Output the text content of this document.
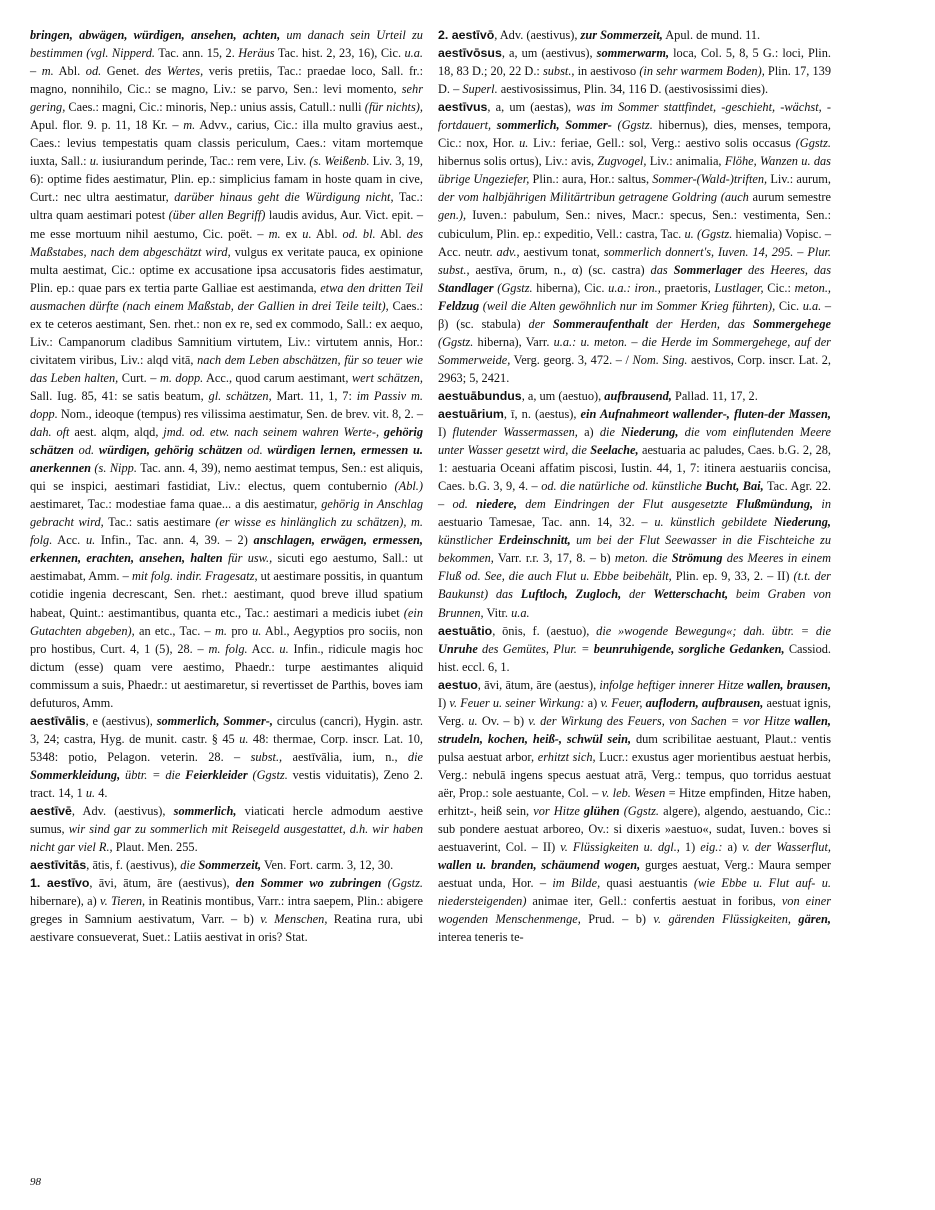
bringen, abwägen, würdigen, ansehen, achten, um danach sein Urteil zu bestimmen (vgl. Nipperd. Tac. ann. 15, 2. Heräus Tac. hist. 2, 23, 16), Cic. u.a. – m. Abl. od. Genet. des Wertes, veris pretiis, Tac.: praedae loco, Sall. fr.: magno, nonnihilo, Cic.: se magno, Liv.: se parvo, Sen.: levi momento, sehr gering, Caes.: magni, Cic.: minoris, Nep.: unius assis, Catull.: nulli (für nichts), Apul. flor. 9. p. 11, 18 Kr. – m. Advv., carius, Cic.: illa multo gravius aest., Caes.: levius tempestatis quam classis periculum, Caes.: vitam mortemque iuxta, Sall.: u. iusiurandum perinde, Tac.: rem vere, Liv. (s. Weißenb. Liv. 3, 19, 6): optime fides aestimatur, Plin. ep.: simplicius famam in hoste quam in cive, Curt.: nec ultra aestimatur, darüber hinaus geht die Würdigung nicht, Tac.: ultra quam aestimari potest (über allen Begriff) laudis avidus, Aur. Vict. epit. – me esse mortuum nihil aestumo, Cic. poët. – m. ex u. Abl. od. bl. Abl. des Maßstabes, nach dem abgeschätzt wird, vulgus ex veritate pauca, ex opinione multa aestimat, Cic.: optime ex accusatione ipsa accusatoris fides aestimatur, Plin. ep.: quae pars ex tertia parte Galliae est aestimanda, etwa den dritten Teil ausmachen dürfte (nach einem Maßstab, der Gallien in drei Teile teilt), Caes.: ex te ceteros aestimant, Sen. rhet.: non ex re, sed ex commodo, Sall.: ex aequo, Liv.: Campanorum cladibus Samnitium virtutem, Liv.: virtutem annis, Hor.: civitatem viribus, Liv.: alqd vitā, nach dem Leben abschätzen, für so teuer wie das Leben halten, Curt. – m. dopp. Acc., quod carum aestimant, wert schätzen, Sall. Iug. 85, 41: se satis beatum, gl. schätzen, Mart. 11, 1, 7: im Passiv m. dopp. Nom., ideoque (tempus) res vilissima aestimatur, Sen. de brev. vit. 8, 2. – dah. oft aest. alqm, alqd, jmd. od. etw. nach seinem wahren Werte-, gehörig schätzen od. würdigen, gehörig schätzen od. würdigen lernen, ermessen u. anerkennen (s. Nipp. Tac. ann. 4, 39), nemo aestimat tempus, Sen.: est aliquis, qui se inspici, aestimari fastidiat, Liv.: electus, quem contubernio (Abl.) aestimaret, Tac.: modestiae fama quae... a dis aestimatur, gehörig in Anschlag gebracht wird, Tac.: satis aestimare (er wisse es hinlänglich zu schätzen), m. folg. Acc. u. Infin., Tac. ann. 4, 39. – 2) anschlagen, erwägen, ermessen, erkennen, erachten, ansehen, halten für usw., sicuti ego aestumo, Sall.: ut aestimabat, Amm. – mit folg. indir. Fragesatz, ut aestimare possitis, in quantum cotidie ingenia decrescant, Sen. rhet.: aestimant, quod breve illud spatium habeat, Quint.: aestimantibus, quanta etc., Tac.: aestimari a medicis iubet (ein Gutachten abgeben), an etc., Tac. – m. pro u. Abl., Aegyptios pro sociis, non pro hostibus, Curt. 4, 1 (5), 28. – m. folg. Acc. u. Infin., ridicule magis hoc dictum (esse) quam vere aestimo, Phaedr.: turpe aestimantes aliquid commissum a suis, Phaedr.: ut aestimaretur, si revertisset de Parthis, boves iam defuturos, Amm.

aestīvālis, e (aestivus), sommerlich, Sommer-, circulus (cancri), Hygin. astr. 3, 24; castra, Hyg. de munit. castr. § 45 u. 48: thermae, Corp. inscr. Lat. 10, 5348: potio, Pelagon. veterin. 28. – subst., aestīvālia, ium, n., die Sommerkleidung, übtr. = die Feierkleider (Ggstz. vestis viduitatis), Zeno 2. tract. 14, 1 u. 4.

aestīvē, Adv. (aestivus), sommerlich, viaticati hercle admodum aestive sumus, wir sind gar zu sommerlich mit Reisegeld ausgestattet, d.h. wir haben nicht gar viel R., Plaut. Men. 255.

aestīvitās, ātis, f. (aestivus), die Sommerzeit, Ven. Fort. carm. 3, 12, 30.

1. aestīvo, āvi, ātum, āre (aestivus), den Sommer wo zubringen (Ggstz. hibernare), a) v. Tieren, in Reatinis montibus, Varr.: intra saepem, Plin.: abigere greges in Samnium aestivatum, Varr. – b) v. Menschen, Reatina rura, ubi aestivare consueverat, Suet.: Latiis aestivat in oris? Stat.

2. aestīvō, Adv. (aestivus), zur Sommerzeit, Apul. de mund. 11.

aestīvōsus, a, um (aestivus), sommerwarm, loca, Col. 5, 8, 5 G.: loci, Plin. 18, 83 D.; 20, 22 D.: subst., in aestivoso (in sehr warmem Boden), Plin. 17, 139 D. – Superl. aestivosissimus, Plin. 34, 116 D. (aestivosissimi dies).

aestīvus, a, um (aestas), was im Sommer stattfindet, -geschieht, -wächst, -fortdauert, sommerlich, Sommer- (Ggstz. hibernus), dies, menses, tempora, Cic.: nox, Hor. u. Liv.: feriae, Gell.: sol, Verg.: aestivo solis occasus (Ggstz. hibernus solis ortus), Liv.: avis, Zugvogel, Liv.: animalia, Flöhe, Wanzen u. das übrige Ungeziefer, Plin.: aura, Hor.: saltus, Sommer-(Wald-)triften, Liv.: aurum, der vom halbjährigen Militärtribun getragene Goldring (auch aurum semestre gen.), Iuven.: pabulum, Sen.: nives, Macr.: specus, Sen.: vestimenta, Sen.: cubiculum, Plin. ep.: expeditio, Vell.: castra, Tac. u. (Ggstz. hiemalia) Vopisc. – Acc. neutr. adv., aestivum tonat, sommerlich donnert's, Iuven. 14, 295. – Plur. subst., aestīva, ōrum, n., α) (sc. castra) das Sommerlager des Heeres, das Standlager (Ggstz. hiberna), Cic. u.a.: iron., praetoris, Lustlager, Cic.: meton., Feldzug (weil die Alten gewöhnlich nur im Sommer Krieg führten), Cic. u.a. – β) (sc. stabula) der Sommeraufenthalt der Herden, das Sommergehege (Ggstz. hiberna), Varr. u.a.: u. meton. – die Herde im Sommergehege, auf der Sommerweide, Verg. georg. 3, 472. – / Nom. Sing. aestivos, Corp. inscr. Lat. 2, 2963; 5, 2421.

aestuābundus, a, um (aestuo), aufbrausend, Pallad. 11, 17, 2.

aestuārium, ī, n. (aestus), ein Aufnahmeort wallender-, fluten-der Massen, I) flutender Wassermassen, a) die Niederung, die vom einflutenden Meere unter Wasser gesetzt wird, die Seelache, aestuaria ac paludes, Caes. b.G. 2, 28, 1: aestuaria Oceani affatim piscosi, Iustin. 44, 1, 7: itinera aestuariis concisa, Caes. b.G. 3, 9, 4. – od. die natürliche od. künstliche Bucht, Bai, Tac. Agr. 22. – od. niedere, dem Eindringen der Flut ausgesetzte Flußmündung, in aestuario Tamesae, Tac. ann. 14, 32. – u. künstlich gebildete Niederung, künstlicher Erdeinschnitt, um bei der Flut Seewasser in die Fischteiche zu bekommen, Varr. r.r. 3, 17, 8. – b) meton. die Strömung des Meeres in einem Fluß od. See, die auch Flut u. Ebbe beibehält, Plin. ep. 9, 33, 2. – II) (t.t. der Baukunst) das Luftloch, Zugloch, der Wetterschacht, beim Graben von Brunnen, Vitr. u.a.

aestuātio, ōnis, f. (aestuo), die »wogende Bewegung«; dah. übtr. = die Unruhe des Gemütes, Plur. = beunruhigende, sorgliche Gedanken, Cassiod. hist. eccl. 6, 1.

aestuo, āvi, ātum, āre (aestus), infolge heftiger innerer Hitze wallen, brausen, I) v. Feuer u. seiner Wirkung: a) v. Feuer, auflodern, aufbrausen, aestuat ignis, Verg. u. Ov. – b) v. der Wirkung des Feuers, von Sachen = vor Hitze wallen, strudeln, kochen, heiß-, schwül sein, dum scribilitae aestuant, Plaut.: ventis pulsa aestuat arbor, erhitzt sich, Lucr.: exustus ager morientibus aestuat herbis, Verg.: nebulā ingens specus aestuat atrā, Verg.: tempus, quo torridus aestuat aër, Prop.: sole aestuante, Col. – v. leb. Wesen = Hitze empfinden, Hitze haben, erhitzt-, heiß sein, vor Hitze glühen (Ggstz. algere), algendo, aestuando, Cic.: sub pondere aestuat arboreo, Ov.: si dixeris »aestuo«, sudat, Iuven.: boves si aestuaverint, Col. – II) v. Flüssigkeiten u. dgl., 1) eig.: a) v. der Wasserflut, wallen u. branden, schäumend wogen, gurges aestuat, Verg.: Maura semper aestuat unda, Hor. – im Bilde, quasi aestuantis (wie Ebbe u. Flut auf- u. niedersteigenden) animae iter, Gell.: confertis aestuat in foribus, von einer wogenden Menschenmenge, Prud. – b) v. gärenden Flüssigkeiten, gären, interea teneris te-

98
